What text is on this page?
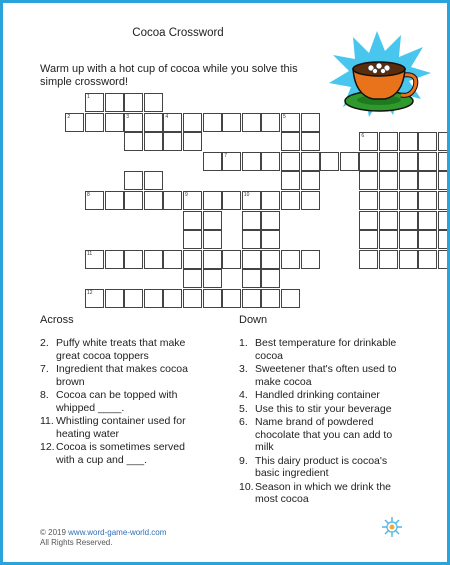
Cocoa Crossword
Warm up with a hot cup of cocoa while you solve this simple crossword!
1
2	3	4	5
6
7
8	9	10
11
12
Across	Down
2. Puffy white treats that make great cocoa toppers
7. Ingredient that makes cocoa brown
8. Cocoa can be topped with whipped ____.
11. Whistling container used for heating water
12. Cocoa is sometimes served with a cup and ___.
1. Best temperature for drinkable cocoa
3. Sweetener that's often used to make cocoa
4. Handled drinking container
5. Use this to stir your beverage
6. Name brand of powdered chocolate that you can add to milk
9. This dairy product is cocoa's basic ingredient
10. Season in which we drink the most cocoa
© 2019 www.word-game-world.com
All Rights Reserved.
